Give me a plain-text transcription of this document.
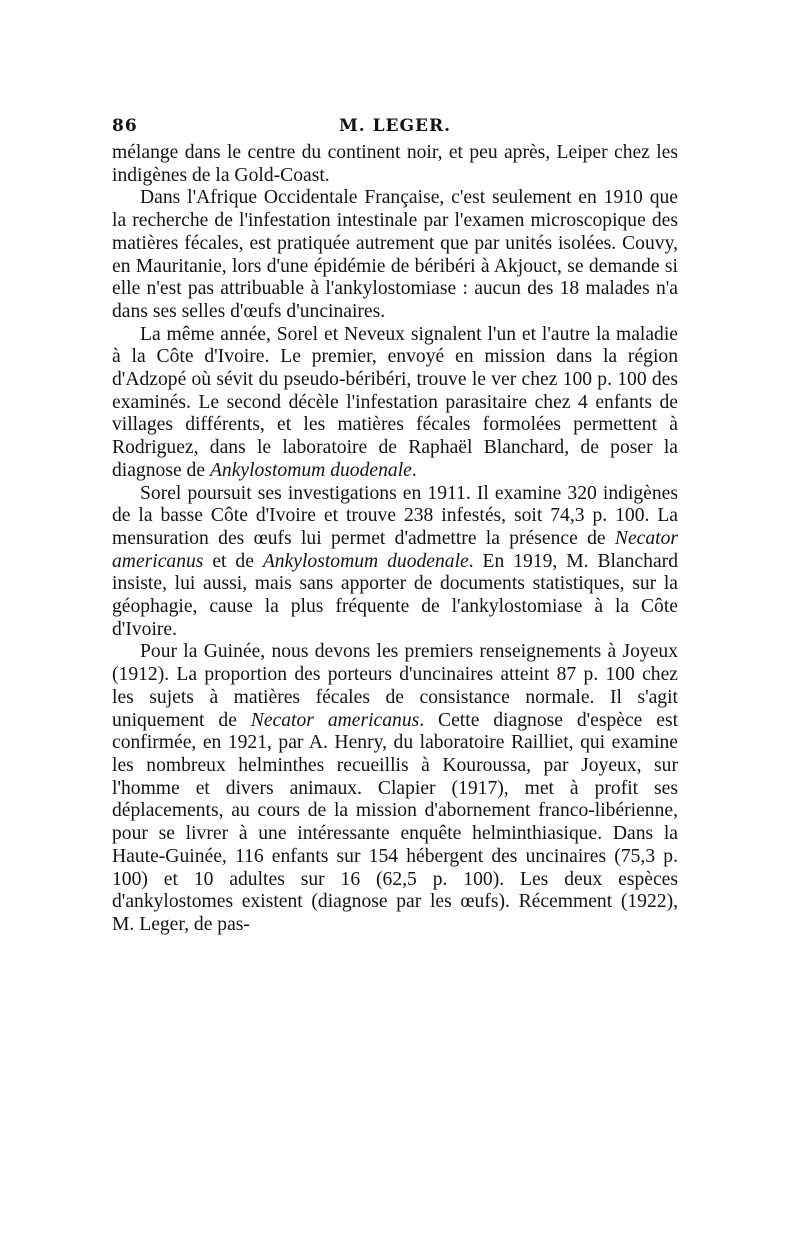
86	M. LEGER.

mélange dans le centre du continent noir, et peu après, Leiper chez les indigènes de la Gold-Coast.

Dans l'Afrique Occidentale Française, c'est seulement en 1910 que la recherche de l'infestation intestinale par l'examen microscopique des matières fécales, est pratiquée autrement que par unités isolées. Couvy, en Mauritanie, lors d'une épidémie de béribéri à Akjouct, se demande si elle n'est pas attribuable à l'ankylostomiase : aucun des 18 malades n'a dans ses selles d'œufs d'uncinaires.

La même année, Sorel et Neveux signalent l'un et l'autre la maladie à la Côte d'Ivoire. Le premier, envoyé en mission dans la région d'Adzopé où sévit du pseudo-béribéri, trouve le ver chez 100 p. 100 des examinés. Le second décèle l'infestation parasitaire chez 4 enfants de villages différents, et les matières fécales formolées permettent à Rodriguez, dans le laboratoire de Raphaël Blanchard, de poser la diagnose de Ankylostomum duodenale.

Sorel poursuit ses investigations en 1911. Il examine 320 indigènes de la basse Côte d'Ivoire et trouve 238 infestés, soit 74,3 p. 100. La mensuration des œufs lui permet d'admettre la présence de Necator americanus et de Ankylostomum duodenale. En 1919, M. Blanchard insiste, lui aussi, mais sans apporter de documents statistiques, sur la géophagie, cause la plus fréquente de l'ankylostomiase à la Côte d'Ivoire.

Pour la Guinée, nous devons les premiers renseignements à Joyeux (1912). La proportion des porteurs d'uncinaires atteint 87 p. 100 chez les sujets à matières fécales de consistance normale. Il s'agit uniquement de Necator americanus. Cette diagnose d'espèce est confirmée, en 1921, par A. Henry, du laboratoire Railliet, qui examine les nombreux helminthes recueillis à Kouroussa, par Joyeux, sur l'homme et divers animaux. Clapier (1917), met à profit ses déplacements, au cours de la mission d'abornement franco-libérienne, pour se livrer à une intéressante enquête helminthiasique. Dans la Haute-Guinée, 116 enfants sur 154 hébergent des uncinaires (75,3 p. 100) et 10 adultes sur 16 (62,5 p. 100). Les deux espèces d'ankylostomes existent (diagnose par les œufs). Récemment (1922), M. Leger, de pas-
